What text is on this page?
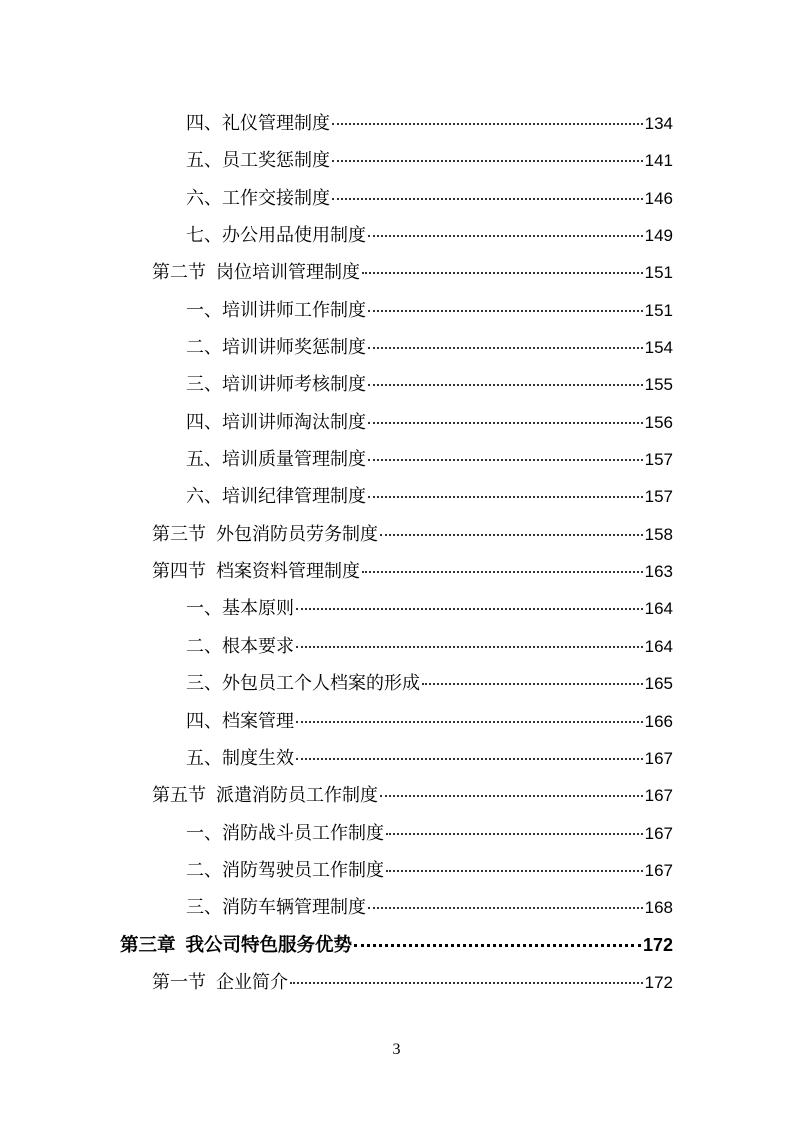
四、 礼仪管理制度	134
五、 员工奖惩制度	141
六、 工作交接制度	146
七、 办公用品使用制度	149
第二节 岗位培训管理制度	151
一、 培训讲师工作制度	151
二、 培训讲师奖惩制度	154
三、 培训讲师考核制度	155
四、 培训讲师淘汰制度	156
五、 培训质量管理制度	157
六、 培训纪律管理制度	157
第三节 外包消防员劳务制度	158
第四节 档案资料管理制度	163
一、 基本原则	164
二、 根本要求	164
三、 外包员工个人档案的形成	165
四、 档案管理	166
五、 制度生效	167
第五节 派遣消防员工作制度	167
一、 消防战斗员工作制度	167
二、 消防驾驶员工作制度	167
三、 消防车辆管理制度	168
第三章 我公司特色服务优势	172
第一节 企业简介	172
3
